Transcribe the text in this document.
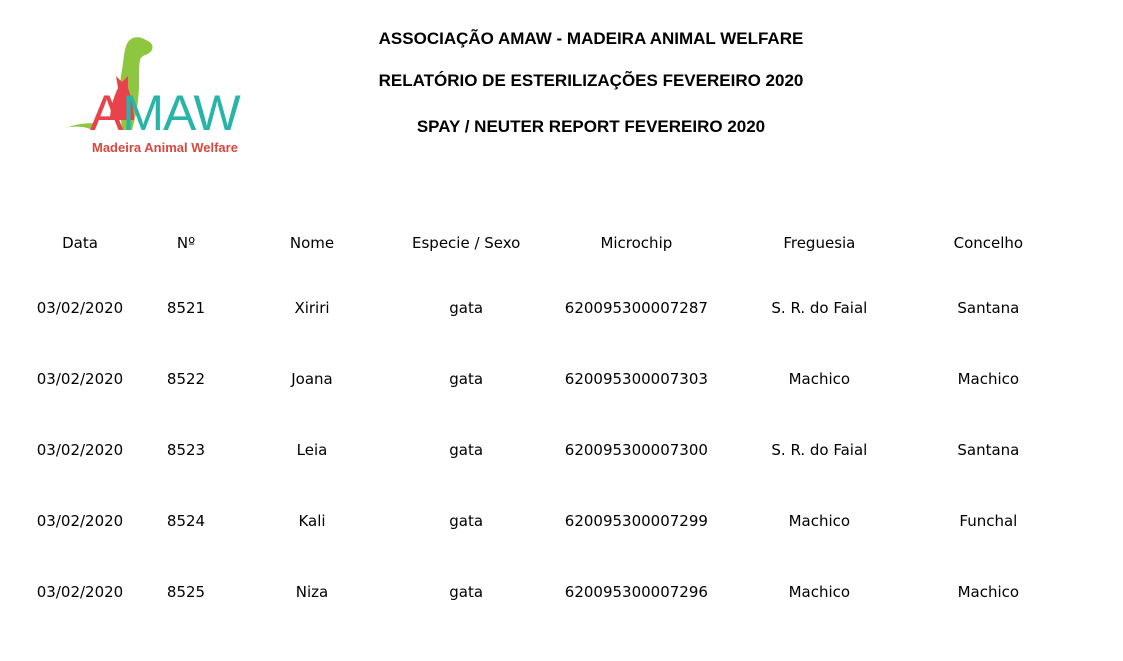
AMAW
Madeira Animal Welfare
ASSOCIAÇÃO AMAW - MADEIRA ANIMAL WELFARE
RELATÓRIO DE ESTERILIZAÇÕES FEVEREIRO 2020
SPAY / NEUTER REPORT FEVEREIRO 2020
Data	Nº	Nome	Especie / Sexo	Microchip	Freguesia	Concelho
03/02/2020	8521	Xiriri	gata	620095300007287	S. R. do Faial	Santana
03/02/2020	8522	Joana	gata	620095300007303	Machico	Machico
03/02/2020	8523	Leia	gata	620095300007300	S. R. do Faial	Santana
03/02/2020	8524	Kali	gata	620095300007299	Machico	Funchal
03/02/2020	8525	Niza	gata	620095300007296	Machico	Machico
